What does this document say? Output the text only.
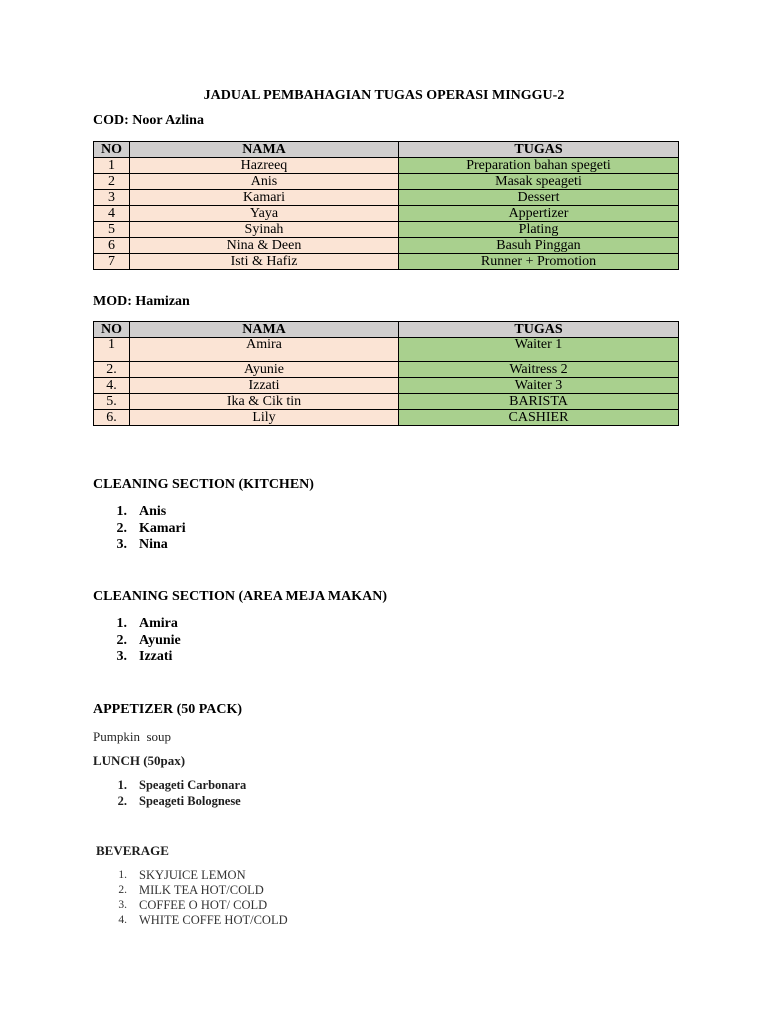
JADUAL PEMBAHAGIAN TUGAS OPERASI MINGGU-2
COD: Noor Azlina
NO	NAMA	TUGAS
1	Hazreeq	Preparation bahan spegeti
2	Anis	Masak speageti
3	Kamari	Dessert
4	Yaya	Appertizer
5	Syinah	Plating
6	Nina & Deen	Basuh Pinggan
7	Isti & Hafiz	Runner + Promotion
MOD: Hamizan
NO	NAMA	TUGAS
1	Amira	Waiter 1
2.	Ayunie	Waitress 2
4.	Izzati	Waiter 3
5.	Ika & Cik tin	BARISTA
6.	Lily	CASHIER
CLEANING SECTION (KITCHEN)
1. Anis
2. Kamari
3. Nina
CLEANING SECTION (AREA MEJA MAKAN)
1. Amira
2. Ayunie
3. Izzati
APPETIZER (50 PACK)
Pumpkin  soup
LUNCH (50pax)
1. Speageti Carbonara
2. Speageti Bolognese
BEVERAGE
1. SKYJUICE LEMON
2. MILK TEA HOT/COLD
3. COFFEE O HOT/ COLD
4. WHITE COFFE HOT/COLD
